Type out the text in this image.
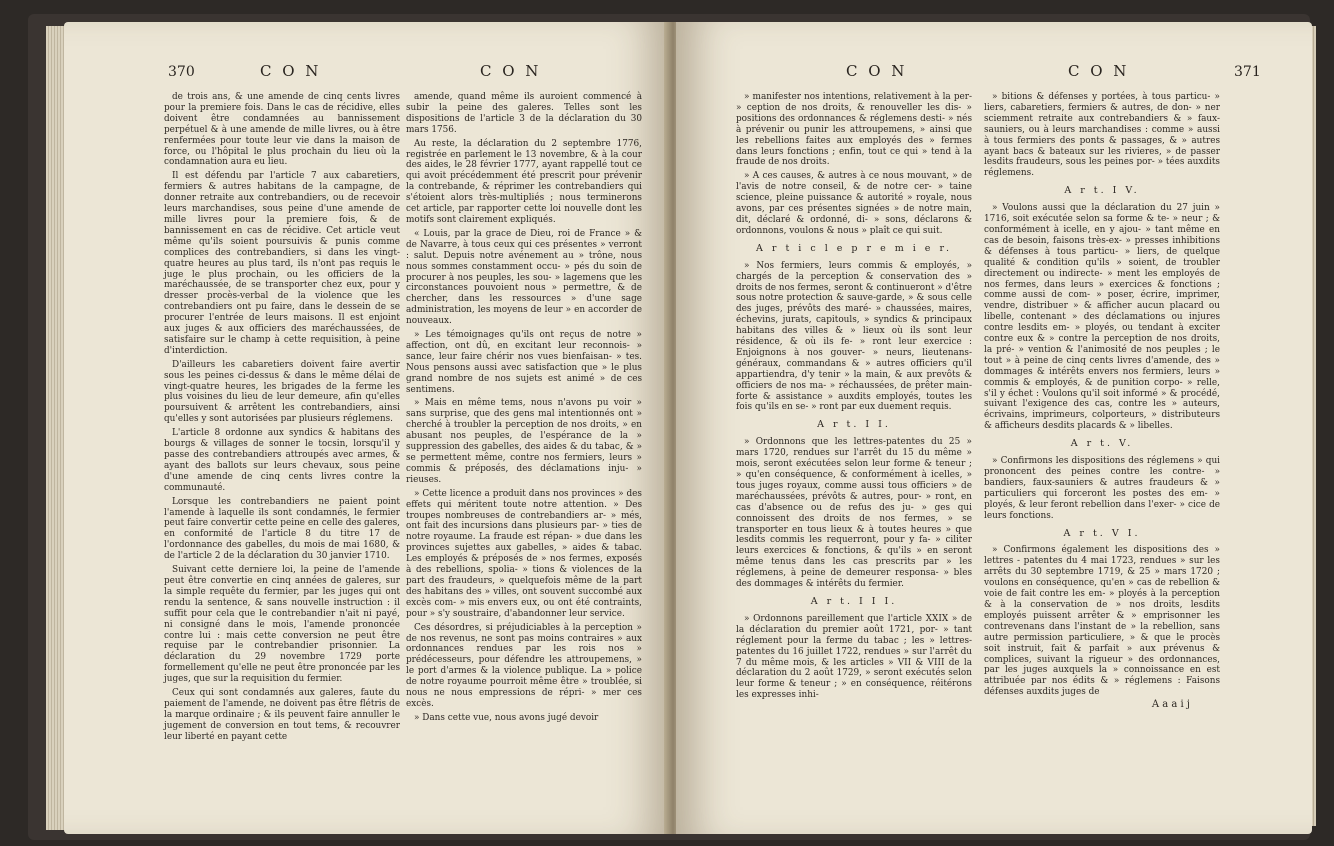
370	C O N	C O N

de trois ans, & une amende de cinq cents livres pour la premiere fois. Dans le cas de récidive, elles doivent être condamnées au bannissement perpétuel & à une amende de mille livres, ou à être renfermées pour toute leur vie dans la maison de force, ou l'hôpital le plus prochain du lieu où la condamnation aura eu lieu.

Il est défendu par l'article 7 aux cabaretiers, fermiers & autres habitans de la campagne, de donner retraite aux contrebandiers, ou de recevoir leurs marchandises, sous peine d'une amende de mille livres pour la premiere fois, & de bannissement en cas de récidive. Cet article veut même qu'ils soient poursuivis & punis comme complices des contrebandiers, si dans les vingt-quatre heures au plus tard, ils n'ont pas requis le juge le plus prochain, ou les officiers de la maréchaussée, de se transporter chez eux, pour y dresser procès-verbal de la violence que les contrebandiers ont pu faire, dans le dessein de se procurer l'entrée de leurs maisons. Il est enjoint aux juges & aux officiers des maréchaussées, de satisfaire sur le champ à cette requisition, à peine d'interdiction.

D'ailleurs les cabaretiers doivent faire avertir sous les peines ci-dessus & dans le même délai de vingt-quatre heures, les brigades de la ferme les plus voisines du lieu de leur demeure, afin qu'elles poursuivent & arrêtent les contrebandiers, ainsi qu'elles y sont autorisées par plusieurs réglemens.

L'article 8 ordonne aux syndics & habitans des bourgs & villages de sonner le tocsin, lorsqu'il y passe des contrebandiers attroupés avec armes, & ayant des ballots sur leurs chevaux, sous peine d'une amende de cinq cents livres contre la communauté.

Lorsque les contrebandiers ne paient point l'amende à laquelle ils sont condamnés, le fermier peut faire convertir cette peine en celle des galeres, en conformité de l'article 8 du titre 17 de l'ordonnance des gabelles, du mois de mai 1680, & de l'article 2 de la déclaration du 30 janvier 1710.

Suivant cette derniere loi, la peine de l'amende peut être convertie en cinq années de galeres, sur la simple requête du fermier, par les juges qui ont rendu la sentence, & sans nouvelle instruction : il suffit pour cela que le contrebandier n'ait ni payé, ni consigné dans le mois, l'amende prononcée contre lui : mais cette conversion ne peut être requise par le contrebandier prisonnier. La déclaration du 29 novembre 1729 porte formellement qu'elle ne peut être prononcée par les juges, que sur la requisition du fermier.

Ceux qui sont condamnés aux galeres, faute du paiement de l'amende, ne doivent pas être flétris de la marque ordinaire ; & ils peuvent faire annuller le jugement de conversion en tout tems, & recouvrer leur liberté en payant cette

amende, quand même ils auroient commencé à subir la peine des galeres. Telles sont les dispositions de l'article 3 de la déclaration du 30 mars 1756.

Au reste, la déclaration du 2 septembre 1776, registrée en parlement le 13 novembre, & à la cour des aides, le 28 février 1777, ayant rappellé tout ce qui avoit précédemment été prescrit pour prévenir la contrebande, & réprimer les contrebandiers qui s'étoient alors très-multipliés ; nous terminerons cet article, par rapporter cette loi nouvelle dont les motifs sont clairement expliqués.

« Louis, par la grace de Dieu, roi de France » & de Navarre, à tous ceux qui ces présentes » verront : salut. Depuis notre avénement au » trône, nous nous sommes constamment occu- » pés du soin de procurer à nos peuples, les sou- » lagemens que les circonstances pouvoient nous » permettre, & de chercher, dans les ressources » d'une sage administration, les moyens de leur » en accorder de nouveaux.

» Les témoignages qu'ils ont reçus de notre » affection, ont dû, en excitant leur reconnois- » sance, leur faire chérir nos vues bienfaisan- » tes. Nous pensons aussi avec satisfaction que » le plus grand nombre de nos sujets est animé » de ces sentimens.

» Mais en même tems, nous n'avons pu voir » sans surprise, que des gens mal intentionnés ont » cherché à troubler la perception de nos droits, » en abusant nos peuples, de l'espérance de la » suppression des gabelles, des aides & du tabac, & » se permettent même, contre nos fermiers, leurs » commis & préposés, des déclamations inju- » rieuses.

» Cette licence a produit dans nos provinces » des effets qui méritent toute notre attention. » Des troupes nombreuses de contrebandiers ar- » més, ont fait des incursions dans plusieurs par- » ties de notre royaume. La fraude est répan- » due dans les provinces sujettes aux gabelles, » aides & tabac. Les employés & préposés de » nos fermes, exposés à des rebellions, spolia- » tions & violences de la part des fraudeurs, » quelquefois même de la part des habitans des » villes, ont souvent succombé aux excès com- » mis envers eux, ou ont été contraints, pour » s'y soustraire, d'abandonner leur service.

Ces désordres, si préjudiciables à la perception » de nos revenus, ne sont pas moins contraires » aux ordonnances rendues par les rois nos » prédécesseurs, pour défendre les attroupemens, » le port d'armes & la violence publique. La » police de notre royaume pourroit même être » troublée, si nous ne nous empressions de répri- » mer ces excès.

» Dans cette vue, nous avons jugé devoir

C O N	C O N	371

» manifester nos intentions, relativement à la per- » ception de nos droits, & renouveller les dis- » positions des ordonnances & réglemens desti- » nés à prévenir ou punir les attroupemens, » ainsi que les rebellions faites aux employés des » fermes dans leurs fonctions ; enfin, tout ce qui » tend à la fraude de nos droits.

» A ces causes, & autres à ce nous mouvant, » de l'avis de notre conseil, & de notre cer- » taine science, pleine puissance & autorité » royale, nous avons, par ces présentes signées » de notre main, dit, déclaré & ordonné, di- » sons, déclarons & ordonnons, voulons & nous » plaît ce qui suit.

A r t i c l e p r e m i e r.

» Nos fermiers, leurs commis & employés, » chargés de la perception & conservation des » droits de nos fermes, seront & continueront » d'être sous notre protection & sauve-garde, » & sous celle des juges, prévôts des maré- » chaussées, maires, échevins, jurats, capitouls, » syndics & principaux habitans des villes & » lieux où ils sont leur résidence, & où ils fe- » ront leur exercice : Enjoignons à nos gouver- » neurs, lieutenans-généraux, commandans & » autres officiers qu'il appartiendra, d'y tenir » la main, & aux prevôts & officiers de nos ma- » réchaussées, de prêter main-forte & assistance » auxdits employés, toutes les fois qu'ils en se- » ront par eux duement requis.

A r t. I I.

» Ordonnons que les lettres-patentes du 25 » mars 1720, rendues sur l'arrêt du 15 du même » mois, seront exécutées selon leur forme & teneur ; » qu'en conséquence, & conformément à icelles, » tous juges royaux, comme aussi tous officiers » de maréchaussées, prévôts & autres, pour- » ront, en cas d'absence ou de refus des ju- » ges qui connoissent des droits de nos fermes, » se transporter en tous lieux & à toutes heures » que lesdits commis les requerront, pour y fa- » ciliter leurs exercices & fonctions, & qu'ils » en seront même tenus dans les cas prescrits par » les réglemens, à peine de demeurer responsa- » bles des dommages & intérêts du fermier.

A r t. I I I.

» Ordonnons pareillement que l'article XXIX » de la déclaration du premier août 1721, por- » tant réglement pour la ferme du tabac ; les » lettres-patentes du 16 juillet 1722, rendues » sur l'arrêt du 7 du même mois, & les articles » VII & VIII de la déclaration du 2 août 1729, » seront exécutés selon leur forme & teneur ; » en conséquence, réitérons les expresses inhi-

» bitions & défenses y portées, à tous particu- » liers, cabaretiers, fermiers & autres, de don- » ner sciemment retraite aux contrebandiers & » faux-sauniers, ou à leurs marchandises : comme » aussi à tous fermiers des ponts & passages, & » autres ayant bacs & bateaux sur les rivieres, » de passer lesdits fraudeurs, sous les peines por- » tées auxdits réglemens.

A r t. I V.

» Voulons aussi que la déclaration du 27 juin » 1716, soit exécutée selon sa forme & te- » neur ; & conformément à icelle, en y ajou- » tant même en cas de besoin, faisons très-ex- » presses inhibitions & défenses à tous particu- » liers, de quelque qualité & condition qu'ils » soient, de troubler directement ou indirecte- » ment les employés de nos fermes, dans leurs » exercices & fonctions ; comme aussi de com- » poser, écrire, imprimer, vendre, distribuer » & afficher aucun placard ou libelle, contenant » des déclamations ou injures contre lesdits em- » ployés, ou tendant à exciter contre eux & » contre la perception de nos droits, la pré- » vention & l'animosité de nos peuples ; le tout » à peine de cinq cents livres d'amende, des » dommages & intérêts envers nos fermiers, leurs » commis & employés, & de punition corpo- » relle, s'il y échet : Voulons qu'il soit informé » & procédé, suivant l'exigence des cas, contre les » auteurs, écrivains, imprimeurs, colporteurs, » distributeurs & afficheurs desdits placards & » libelles.

A r t. V.

» Confirmons les dispositions des réglemens » qui prononcent des peines contre les contre- » bandiers, faux-sauniers & autres fraudeurs & » particuliers qui forceront les postes des em- » ployés, & leur feront rebellion dans l'exer- » cice de leurs fonctions.

A r t. V I.

» Confirmons également les dispositions des » lettres - patentes du 4 mai 1723, rendues » sur les arrêts du 30 septembre 1719, & 25 » mars 1720 ; voulons en conséquence, qu'en » cas de rebellion & voie de fait contre les em- » ployés à la perception & à la conservation de » nos droits, lesdits employés puissent arrêter & » emprisonner les contrevenans dans l'instant de » la rebellion, sans autre permission particuliere, » & que le procès soit instruit, fait & parfait » aux prévenus & complices, suivant la rigueur » des ordonnances, par les juges auxquels la » connoissance en est attribuée par nos édits & » réglemens : Faisons défenses auxdits juges de

A a a i j
